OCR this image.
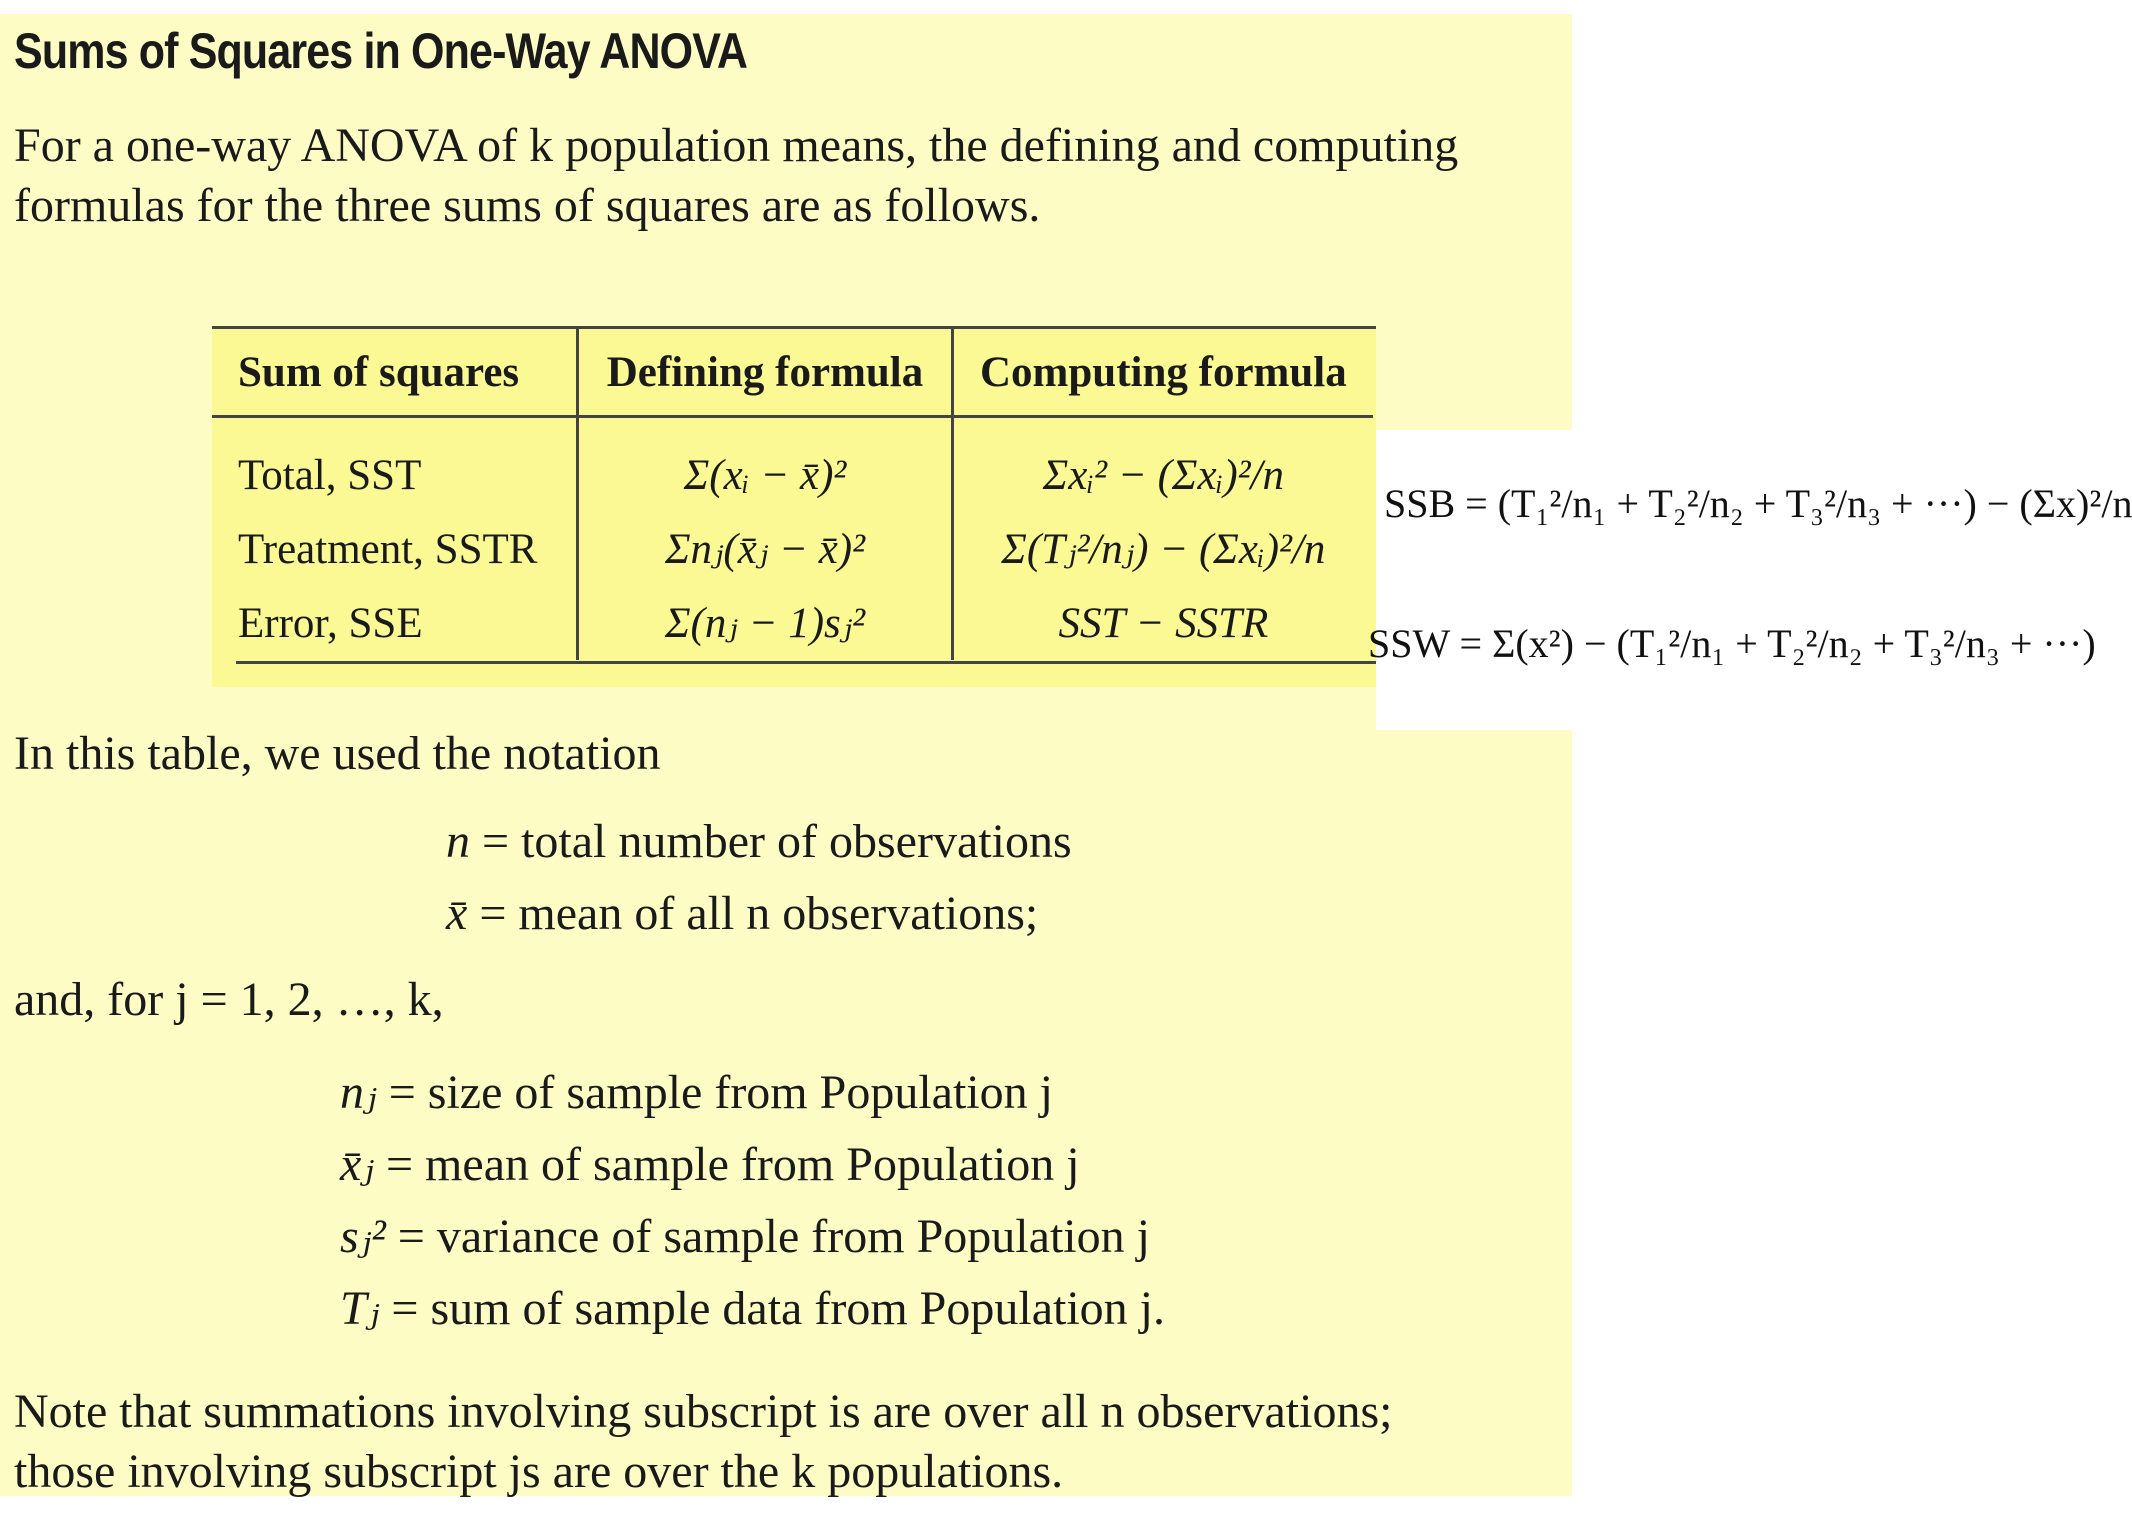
Sums of Squares in One-Way ANOVA
For a one-way ANOVA of k population means, the defining and computing
formulas for the three sums of squares are as follows.
Sum of squares	Defining formula	Computing formula
Total, SST	Σ(xᵢ − x̄)²	Σxᵢ² − (Σxᵢ)²/n
Treatment, SSTR	Σnⱼ(x̄ⱼ − x̄)²	Σ(Tⱼ²/nⱼ) − (Σxᵢ)²/n
Error, SSE	Σ(nⱼ − 1)sⱼ²	SST − SSTR
In this table, we used the notation
n = total number of observations
x̄ = mean of all n observations;
and, for j = 1, 2, …, k,
nⱼ = size of sample from Population j
x̄ⱼ = mean of sample from Population j
sⱼ² = variance of sample from Population j
Tⱼ = sum of sample data from Population j.
Note that summations involving subscript is are over all n observations;
those involving subscript js are over the k populations.
SSB = (T₁²/n₁ + T₂²/n₂ + T₃²/n₃ + ···) − (Σx)²/n
SSW = Σ(x²) − (T₁²/n₁ + T₂²/n₂ + T₃²/n₃ + ···)
